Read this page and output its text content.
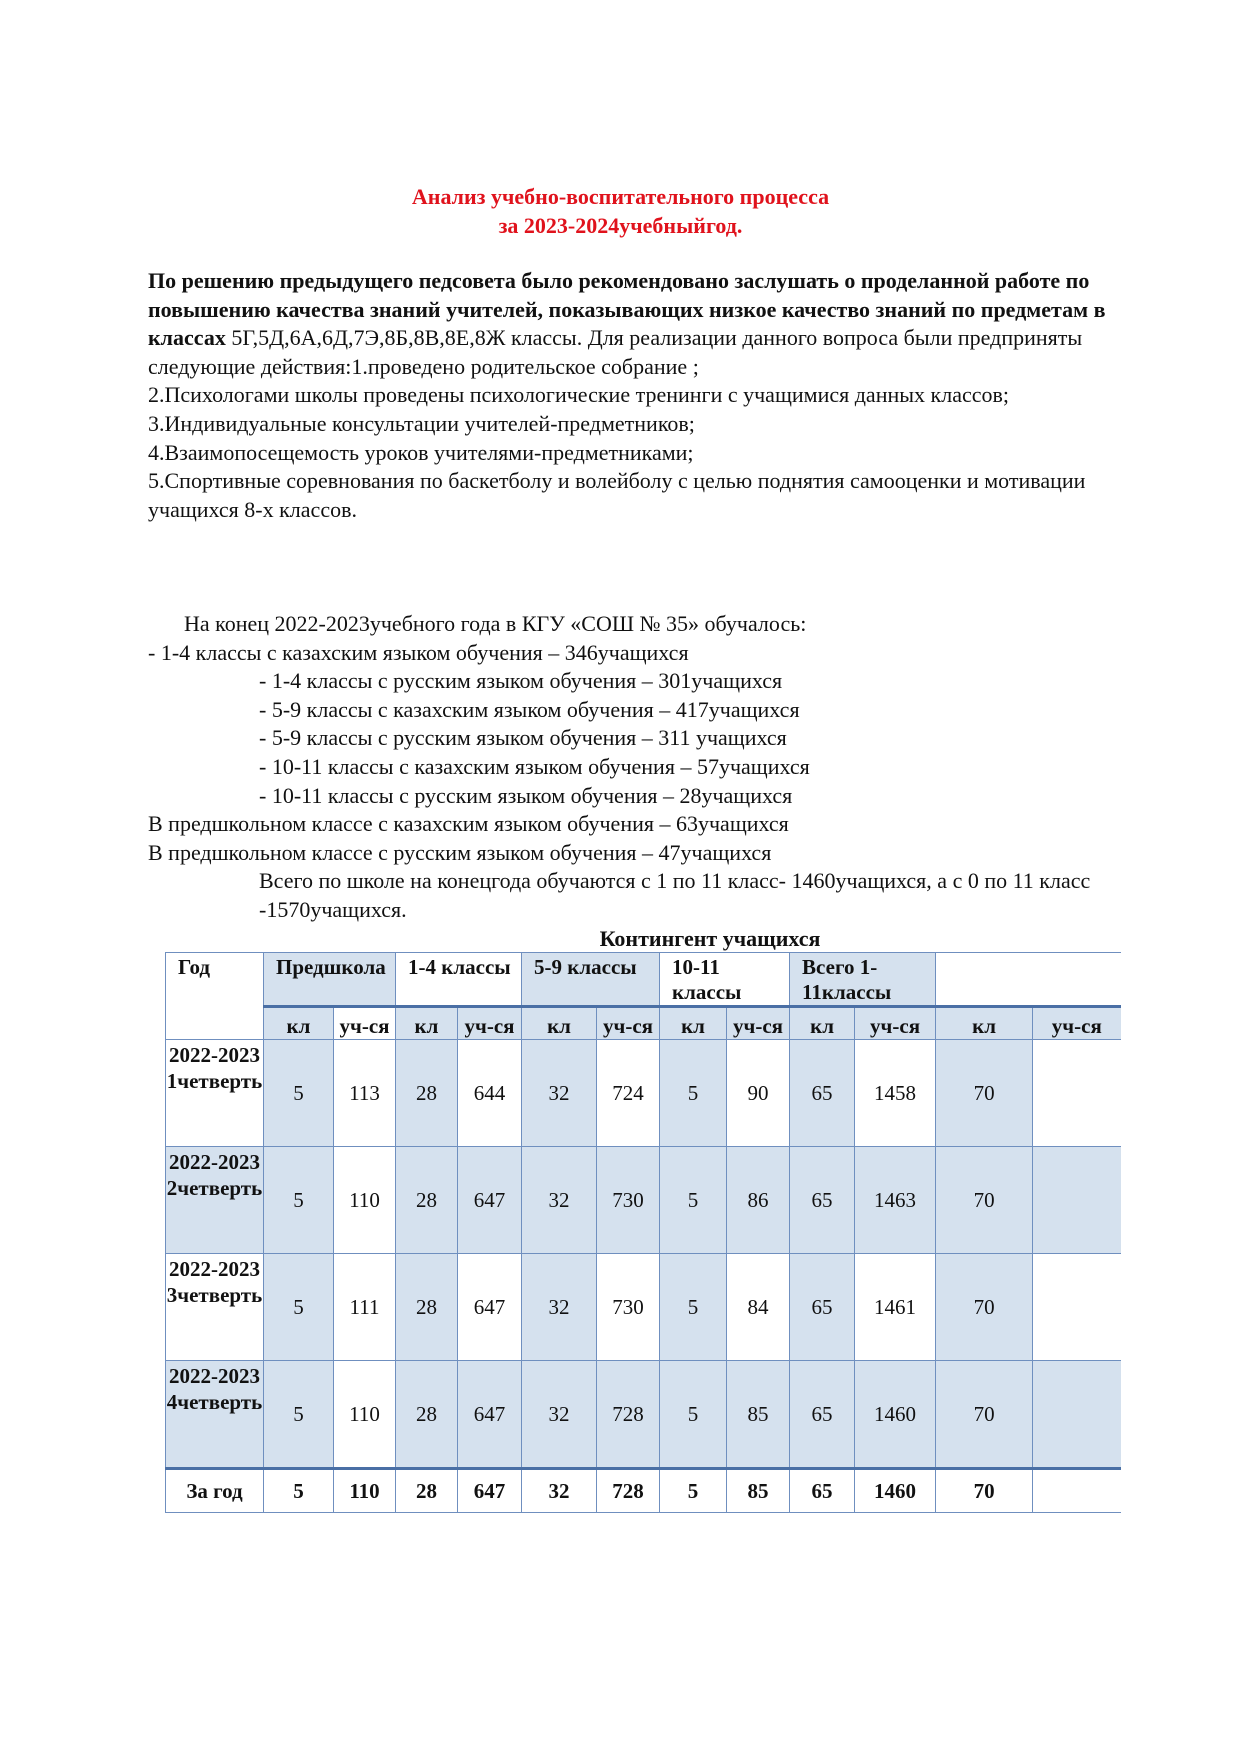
Анализ учебно-воспитательного процесса
за 2023-2024учебныйгод.

По решению предыдущего педсовета было рекомендовано заслушать о проделанной работе по повышению качества знаний учителей, показывающих низкое качество знаний по предметам в классах 5Г,5Д,6А,6Д,7Э,8Б,8В,8Е,8Ж классы. Для реализации данного вопроса были предприняты следующие действия:1.проведено родительское собрание ;

2.Психологами школы проведены психологические тренинги с учащимися данных классов;

3.Индивидуальные консультации учителей-предметников;

4.Взаимопосещемость уроков учителями-предметниками;

5.Спортивные соревнования по баскетболу и волейболу с целью поднятия самооценки и мотивации учащихся 8-х классов.

На конец 2022-2023учебного года в КГУ «СОШ № 35» обучалось:
- 1-4 классы с казахским языком обучения – 346учащихся
- 1-4 классы с русским языком обучения – 301учащихся
- 5-9 классы с казахским языком обучения – 417учащихся
- 5-9 классы с русским языком обучения – 311 учащихся
- 10-11 классы с казахским языком обучения – 57учащихся
- 10-11 классы с русским языком обучения – 28учащихся
В предшкольном классе с казахским языком обучения – 63учащихся
В предшкольном классе с русским языком обучения – 47учащихся
Всего по школе на конецгода обучаются с 1 по 11 класс- 1460учащихся, а с 0 по 11 класс -1570учащихся.
Контингент учащихся
Год	Предшкола		1-4 классы		5-9 классы		10-11 классы		Всего 1-11классы			
	кл	уч-ся	кл	уч-ся	кл	уч-ся	кл	уч-ся	кл	уч-ся	кл	уч-ся
2022-2023 1четверть	5	113	28	644	32	724	5	90	65	1458	70	
2022-2023 2четверть	5	110	28	647	32	730	5	86	65	1463	70	
2022-2023 3четверть	5	111	28	647	32	730	5	84	65	1461	70	
2022-2023 4четверть	5	110	28	647	32	728	5	85	65	1460	70	
За год	5	110	28	647	32	728	5	85	65	1460	70	
